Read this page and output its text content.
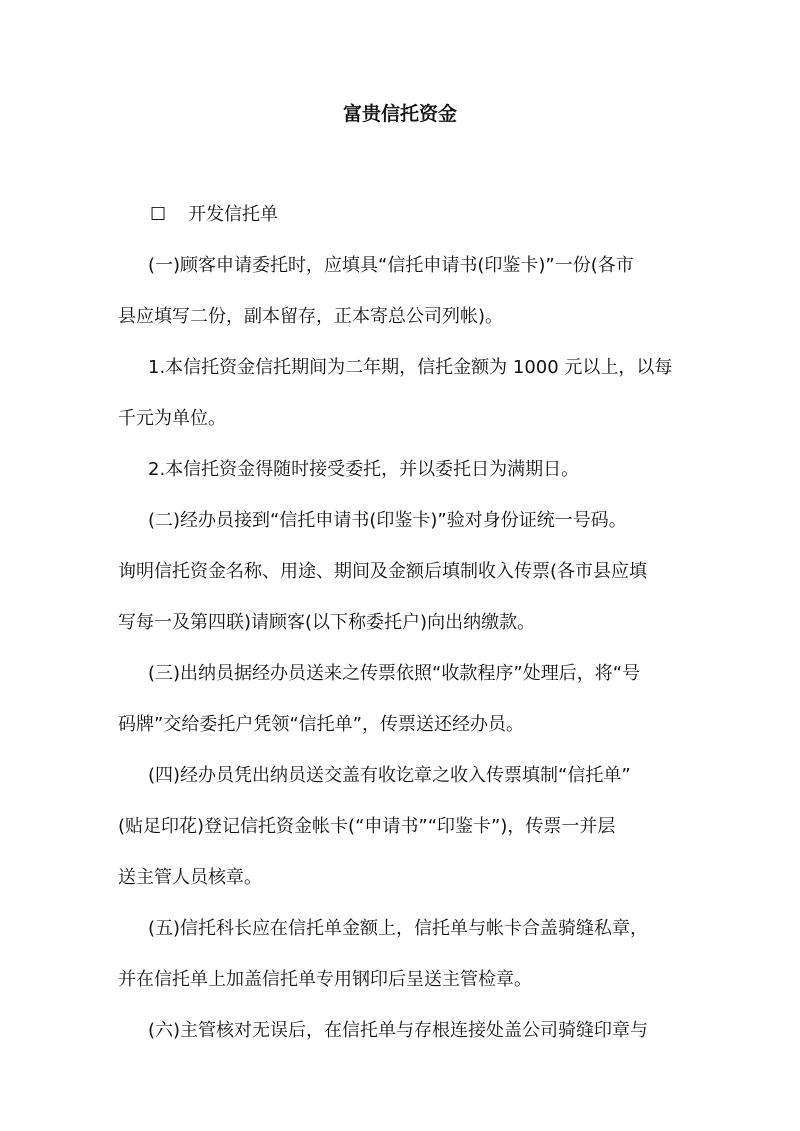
富贵信托资金
☐ 开发信托单
(一)顾客申请委托时，应填具“信托申请书(印鉴卡)”一份(各市
县应填写二份，副本留存，正本寄总公司列帐)。
1.本信托资金信托期间为二年期，信托金额为 1000 元以上，以每
千元为单位。
2.本信托资金得随时接受委托，并以委托日为满期日。
(二)经办员接到“信托申请书(印鉴卡)”验对身份证统一号码。
询明信托资金名称、用途、期间及金额后填制收入传票(各市县应填
写每一及第四联)请顾客(以下称委托户)向出纳缴款。
(三)出纳员据经办员送来之传票依照“收款程序”处理后，将“号
码牌”交给委托户凭领“信托单”，传票送还经办员。
(四)经办员凭出纳员送交盖有收讫章之收入传票填制“信托单”
(贴足印花)登记信托资金帐卡(“申请书”“印鉴卡”)，传票一并层
送主管人员核章。
(五)信托科长应在信托单金额上，信托单与帐卡合盖骑缝私章，
并在信托单上加盖信托单专用钢印后呈送主管检章。
(六)主管核对无误后，在信托单与存根连接处盖公司骑缝印章与
